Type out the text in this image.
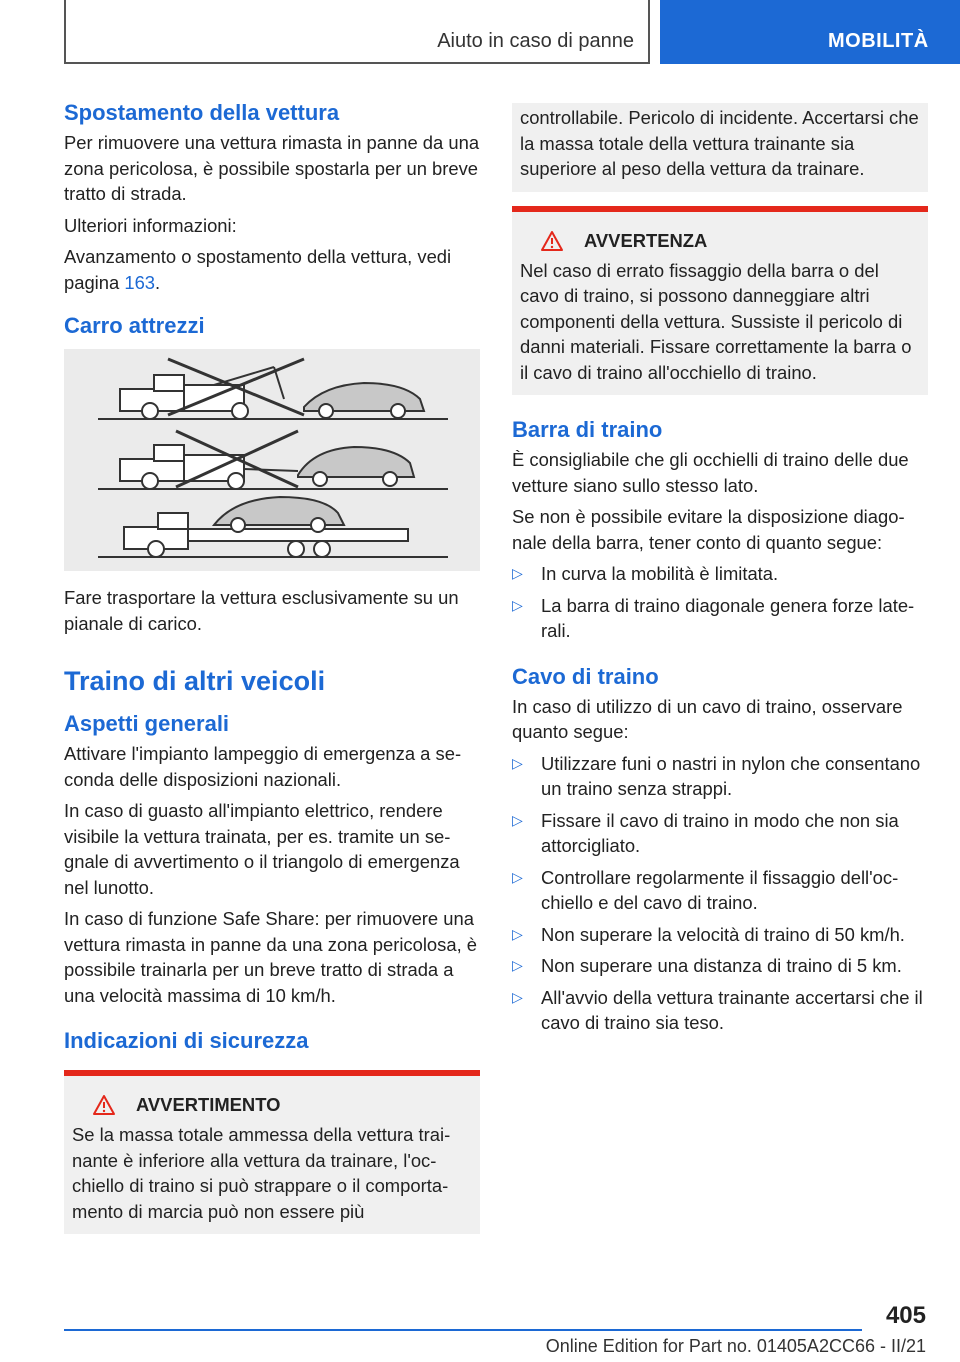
Aiuto in caso di panne	MOBILITÀ
Spostamento della vettura

Per rimuovere una vettura rimasta in panne da una zona pericolosa, è possibile spostarla per un breve tratto di strada.

Ulteriori informazioni:

Avanzamento o spostamento della vettura, vedi pagina 163.

Carro attrezzi

Fare trasportare la vettura esclusivamente su un pianale di carico.

Traino di altri veicoli
Aspetti generali

Attivare l'impianto lampeggio di emergenza a seconda delle disposizioni nazionali.

In caso di guasto all'impianto elettrico, rendere visibile la vettura trainata, per es. tramite un segnale di avvertimento o il triangolo di emergenza nel lunotto.

In caso di funzione Safe Share: per rimuovere una vettura rimasta in panne da una zona pericolosa, è possibile trainarla per un breve tratto di strada a una velocità massima di 10 km/h.

Indicazioni di sicurezza
AVVERTIMENTO

Se la massa totale ammessa della vettura trainante è inferiore alla vettura da trainare, l'occhiello di traino si può strappare o il comportamento di marcia può non essere più

controllabile. Pericolo di incidente. Accertarsi che la massa totale della vettura trainante sia superiore al peso della vettura da trainare.

AVVERTENZA

Nel caso di errato fissaggio della barra o del cavo di traino, si possono danneggiare altri componenti della vettura. Sussiste il pericolo di danni materiali. Fissare correttamente la barra o il cavo di traino all'occhiello di traino.

Barra di traino

È consigliabile che gli occhielli di traino delle due vetture siano sullo stesso lato.

Se non è possibile evitare la disposizione diagonale della barra, tener conto di quanto segue:

▷ In curva la mobilità è limitata.
▷ La barra di traino diagonale genera forze laterali.
Cavo di traino

In caso di utilizzo di un cavo di traino, osservare quanto segue:

▷ Utilizzare funi o nastri in nylon che consentano un traino senza strappi.
▷ Fissare il cavo di traino in modo che non sia attorcigliato.
▷ Controllare regolarmente il fissaggio dell'occhiello e del cavo di traino.
▷ Non superare la velocità di traino di 50 km/h.
▷ Non superare una distanza di traino di 5 km.
▷ All'avvio della vettura trainante accertarsi che il cavo di traino sia teso.
405
Online Edition for Part no. 01405A2CC66 - II/21
